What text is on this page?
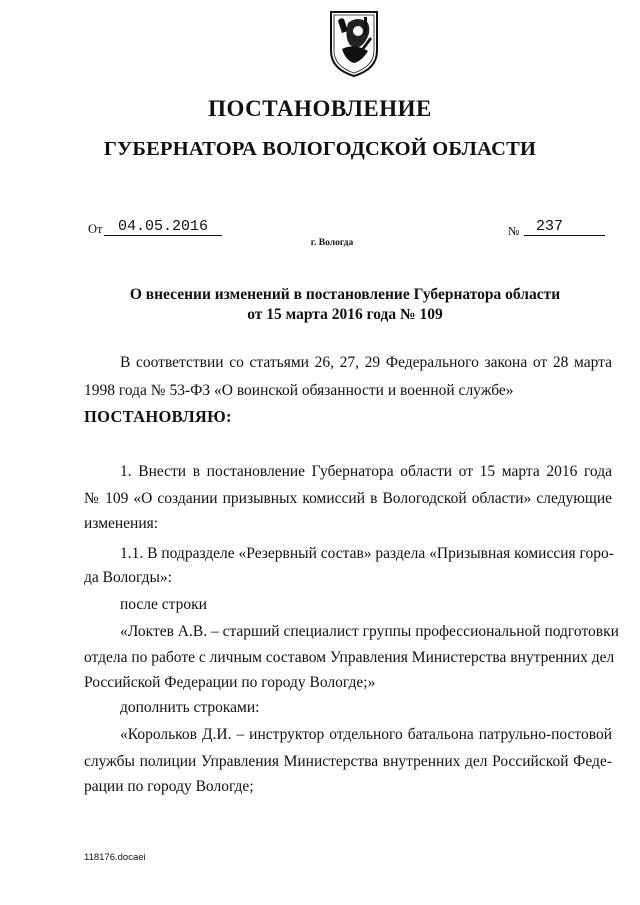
ПОСТАНОВЛЕНИЕ
ГУБЕРНАТОРА ВОЛОГОДСКОЙ ОБЛАСТИ
От	04.05.2016
г. Вологда
№	237
О внесении изменений в постановление Губернатора области
от 15 марта 2016 года № 109
В соответствии со статьями 26, 27, 29 Федерального закона от 28 марта
1998 года № 53-ФЗ «О воинской обязанности и военной службе»
ПОСТАНОВЛЯЮ:
1. Внести в постановление Губернатора области от 15 марта 2016 года
№ 109 «О создании призывных комиссий в Вологодской области» следующие
изменения:
1.1. В подразделе «Резервный состав» раздела «Призывная комиссия горо-
да Вологды»:
после строки
«Локтев А.В. – старший специалист группы профессиональной подготовки
отдела по работе с личным составом Управления Министерства внутренних дел
Российской Федерации по городу Вологде;»
дополнить строками:
«Корольков Д.И. – инструктор отдельного батальона патрульно-постовой
службы полиции Управления Министерства внутренних дел Российской Феде-
рации по городу Вологде;
118176.docaei
